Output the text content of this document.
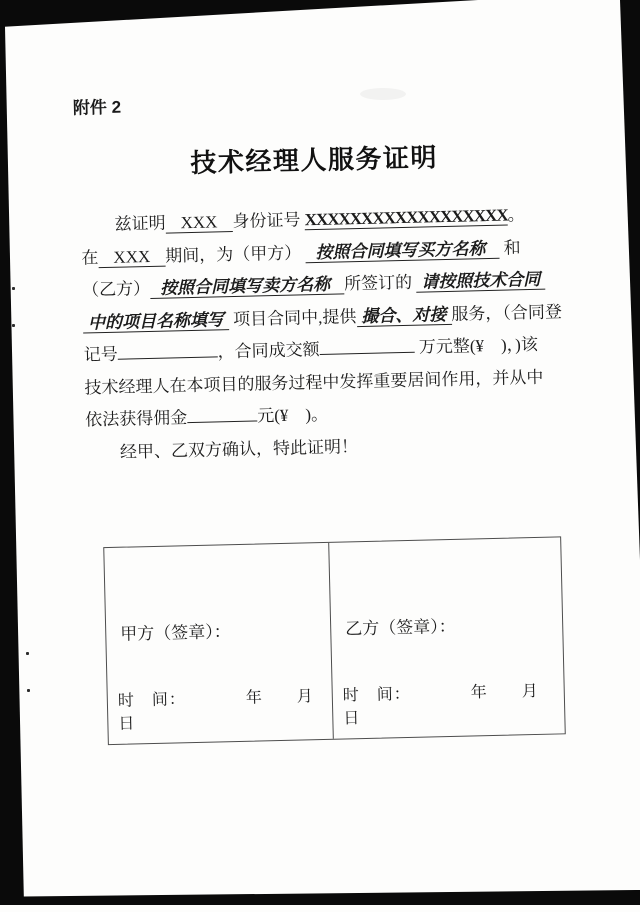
附件 2
技术经理人服务证明
兹证明 XXX 身份证号 XXXXXXXXXXXXXXXXXX。
在 XXX 期间，为（甲方） 按照合同填写买方名称 和
（乙方） 按照合同填写卖方名称 所签订的 请按照技术合同
中的项目名称填写 项目合同中,提供 撮合、对接 服务，（合同登
记号	，合同成交额	万元整(¥　)，)该
技术经理人在本项目的服务过程中发挥重要居间作用，并从中
依法获得佣金	元(¥　)。
经甲、乙双方确认，特此证明！
甲方（签章）：
时　间：　　　　年　　月　　日
乙方（签章）：
时　间：　　　　年　　月　　日
